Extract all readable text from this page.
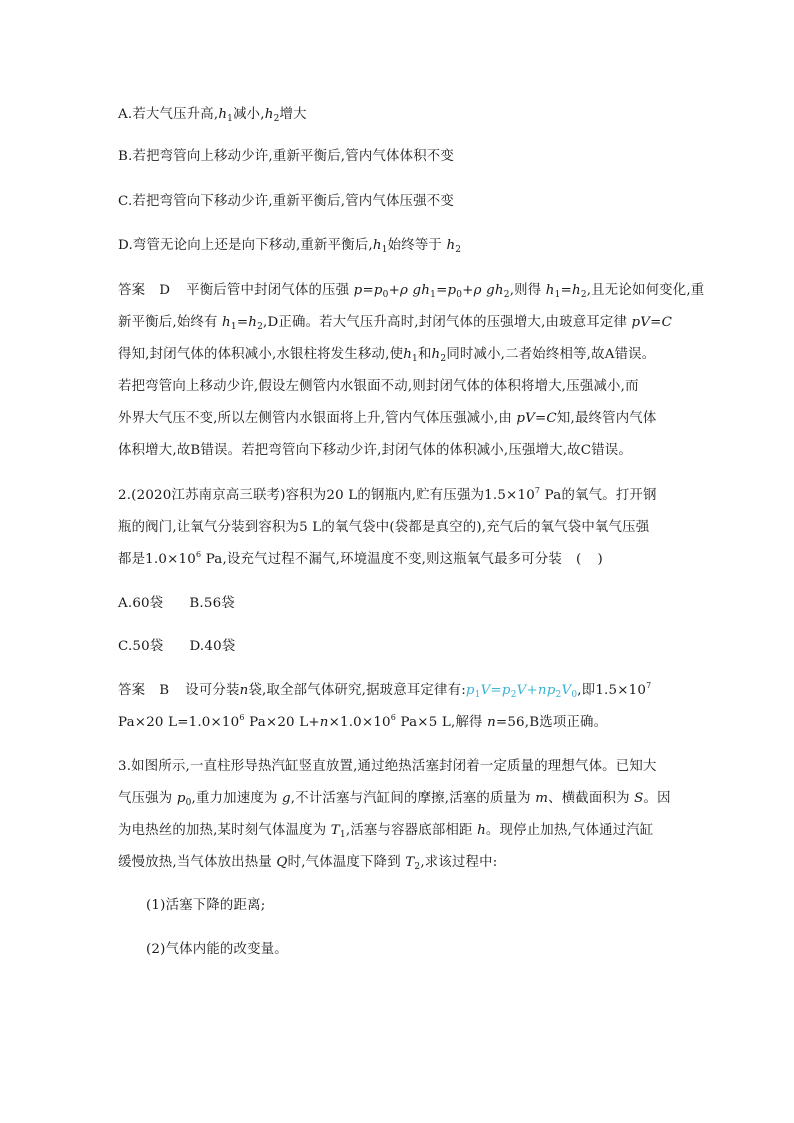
A.若大气压升高$,h_1$减小$,h_2$增大
B.若把弯管向上移动少许,重新平衡后,管内气体体积不变
C.若把弯管向下移动少许,重新平衡后,管内气体压强不变
D.弯管无论向上还是向下移动,重新平衡后$,h_1$始终等于 $h_2$
答案 D 平衡后管中封闭气体的压强 $p=p_0+\rho$ $gh_1=p_0+\rho$ $gh_2$,则得 $h_1=h_2$,且无论如何变化,重
新平衡后,始终有 $h_1=h_2,D$正确。若大气压升高时,封闭气体的压强增大,由玻意耳定律 pV=C
得知,封闭气体的体积减小,水银柱将发生移动,使$h_1$和$h_2$同时减小,二者始终相等,故A错误。
若把弯管向上移动少许,假设左侧管内水银面不动,则封闭气体的体积将增大,压强减小,而
外界大气压不变,所以左侧管内水银面将上升,管内气体压强减小,由 pV=C知,最终管内气体
体积增大,故B错误。若把弯管向下移动少许,封闭气体的体积减小,压强增大,故C错误。
2.(2020江苏南京高三联考)容积为20 L的钢瓶内,贮有压强为$1.5\times 10^7$ Pa的氧气。打开钢
瓶的阀门,让氧气分装到容积为5 L的氧气袋中(袋都是真空的),充气后的氧气袋中氧气压强
都是$1.0\times 10^6$ Pa,设充气过程不漏气,环境温度不变,则这瓶氧气最多可分装 ( )
A.60袋 B.56袋
C.50袋 D.40袋
答案 B 设可分装n袋,取全部气体研究,据玻意耳定律有$:p_1V=p_2V+np_2V_0$,即$1.5\times 10^7$
Pa×20 $L=1.0\times 10^6$ Pa×20 $L+n\times 1.0\times 10^6$ Pa×5 L,解得 n=56,B选项正确。
3.如图所示,一直柱形导热汽缸竖直放置,通过绝热活塞封闭着一定质量的理想气体。已知大
气压强为 $p_0$,重力加速度为 g,不计活塞与汽缸间的摩擦,活塞的质量为 m、横截面积为 S。因
为电热丝的加热,某时刻气体温度为 $T_1$,活塞与容器底部相距 h。现停止加热,气体通过汽缸
缓慢放热,当气体放出热量 Q时,气体温度下降到 $T_2$,求该过程中:
(1)活塞下降的距离;
(2)气体内能的改变量。
